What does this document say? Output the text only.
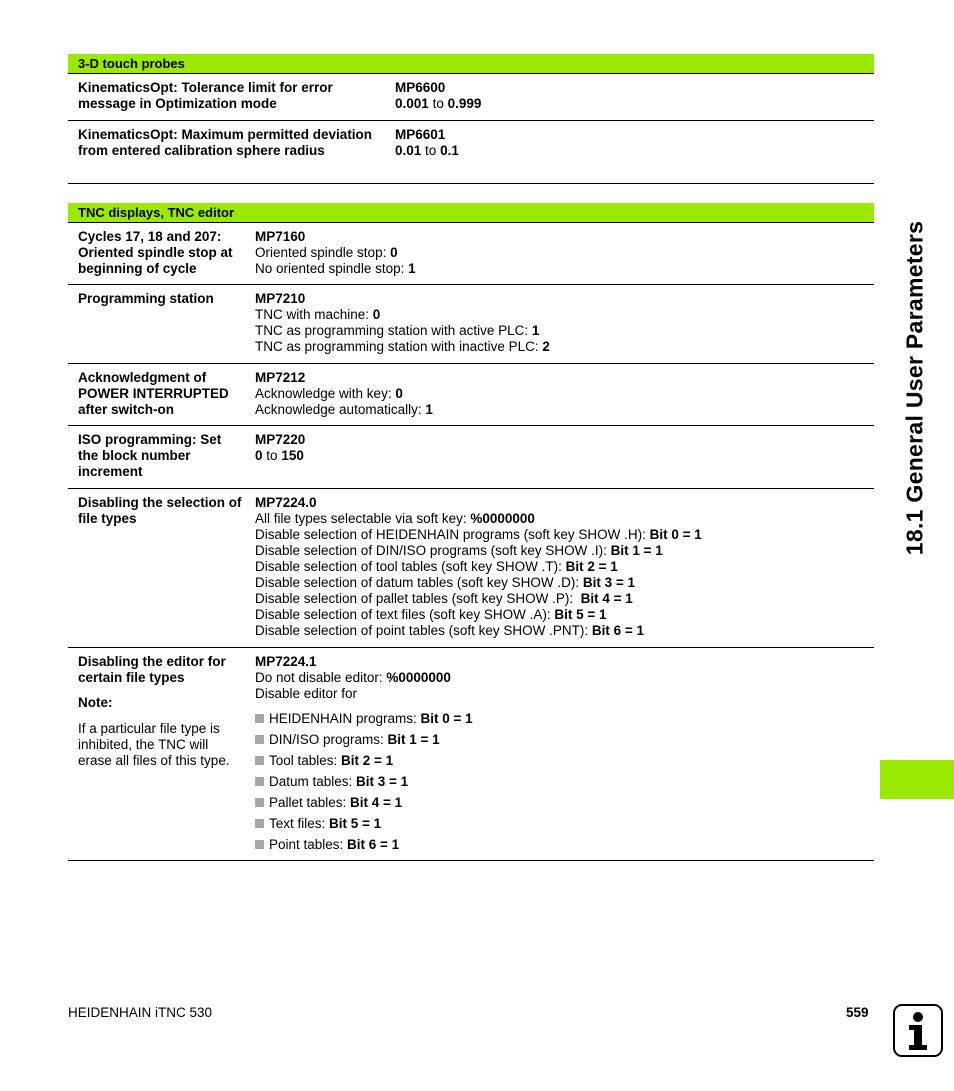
3-D touch probes
KinematicsOpt: Tolerance limit for error message in Optimization mode
MP6600
0.001 to 0.999
KinematicsOpt: Maximum permitted deviation from entered calibration sphere radius
MP6601
0.01 to 0.1
TNC displays, TNC editor
Cycles 17, 18 and 207: Oriented spindle stop at beginning of cycle
MP7160
Oriented spindle stop: 0
No oriented spindle stop: 1
Programming station	MP7210
TNC with machine: 0
TNC as programming station with active PLC: 1
TNC as programming station with inactive PLC: 2
Acknowledgment of POWER INTERRUPTED after switch-on
MP7212
Acknowledge with key: 0
Acknowledge automatically: 1
ISO programming: Set the block number increment
MP7220
0 to 150
Disabling the selection of file types
MP7224.0
All file types selectable via soft key: %0000000
Disable selection of HEIDENHAIN programs (soft key SHOW .H): Bit 0 = 1
Disable selection of DIN/ISO programs (soft key SHOW .I): Bit 1 = 1
Disable selection of tool tables (soft key SHOW .T): Bit 2 = 1
Disable selection of datum tables (soft key SHOW .D): Bit 3 = 1
Disable selection of pallet tables (soft key SHOW .P):  Bit 4 = 1
Disable selection of text files (soft key SHOW .A): Bit 5 = 1
Disable selection of point tables (soft key SHOW .PNT): Bit 6 = 1
Disabling the editor for certain file types
Note:
If a particular file type is inhibited, the TNC will erase all files of this type.
MP7224.1
Do not disable editor: %0000000
Disable editor for
HEIDENHAIN programs: Bit 0 = 1
DIN/ISO programs: Bit 1 = 1
Tool tables: Bit 2 = 1
Datum tables: Bit 3 = 1
Pallet tables: Bit 4 = 1
Text files: Bit 5 = 1
Point tables: Bit 6 = 1
18.1 General User Parameters
HEIDENHAIN iTNC 530	559
